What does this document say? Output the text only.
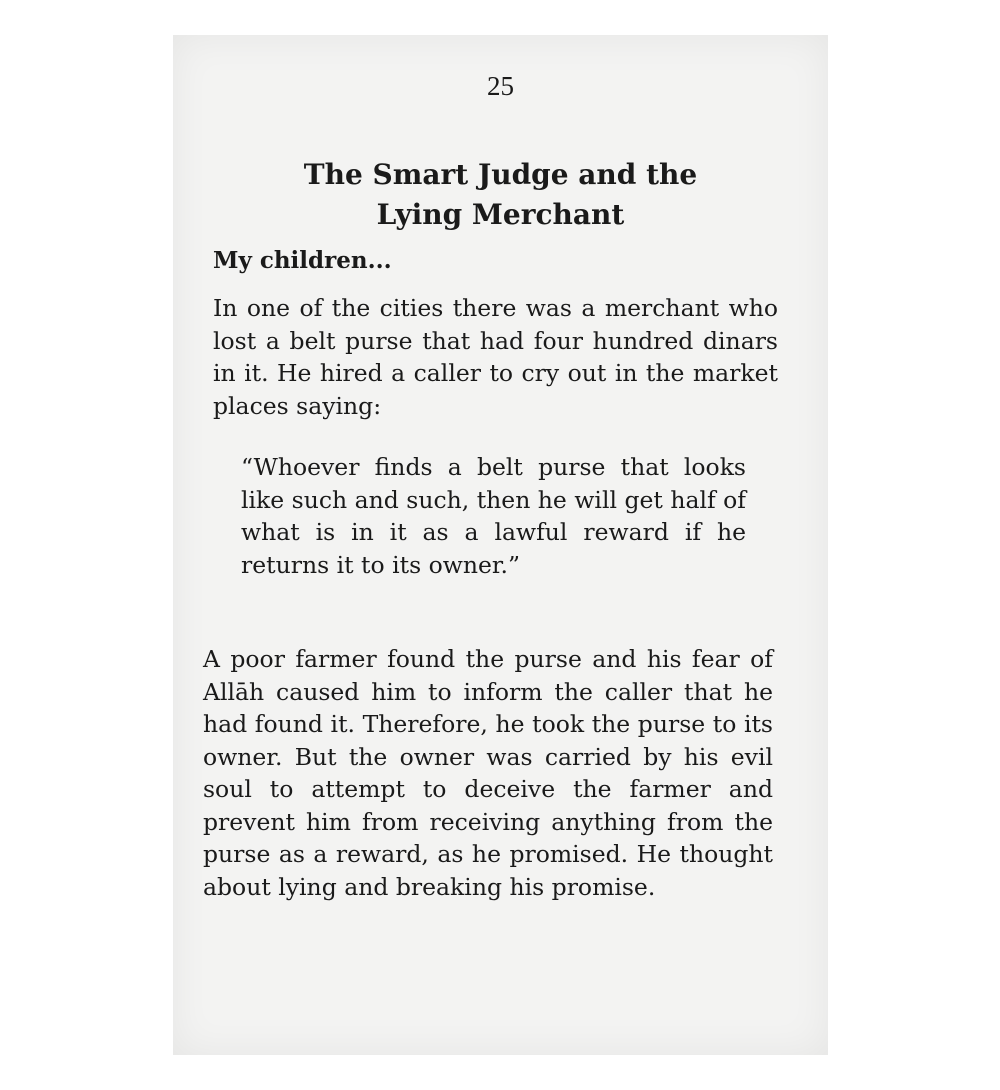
25
The Smart Judge and the
Lying Merchant

My children...

In one of the cities there was a merchant who lost a belt purse that had four hundred dinars in it. He hired a caller to cry out in the market places saying:

“Whoever finds a belt purse that looks like such and such, then he will get half of what is in it as a lawful reward if he returns it to its owner.”

A poor farmer found the purse and his fear of Allāh caused him to inform the caller that he had found it. Therefore, he took the purse to its owner. But the owner was carried by his evil soul to attempt to deceive the farmer and prevent him from receiving anything from the purse as a reward, as he promised. He thought about lying and breaking his promise.
